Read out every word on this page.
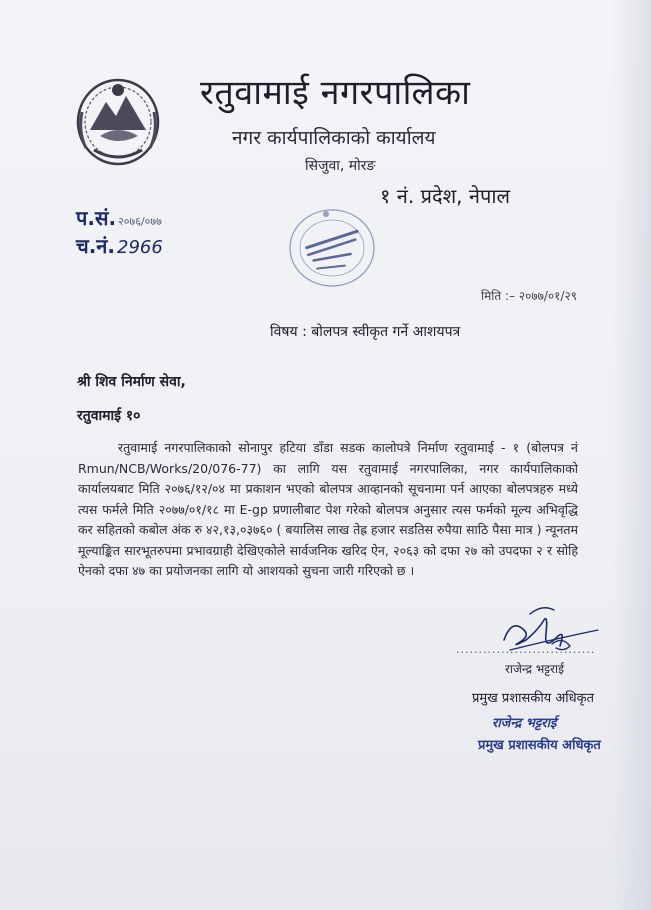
रतुवामाई नगरपालिका
नगर कार्यपालिकाको कार्यालय
सिजुवा, मोरङ
१ नं. प्रदेश, नेपाल
प.सं. २०७६/०७७
च.नं. 2966
मिति :– २०७७/०१/२९
विषय : बोलपत्र स्वीकृत गर्ने आशयपत्र
श्री शिव निर्माण सेवा,
रतुवामाई १०
रतुवामाई नगरपालिकाको सोनापुर हटिया डाँडा सडक कालोपत्रे निर्माण रतुवामाई - १ (बोलपत्र नं Rmun/NCB/Works/20/076-77) का लागि यस रतुवामाई नगरपालिका, नगर कार्यपालिकाको कार्यालयबाट मिति २०७६/१२/०४ मा प्रकाशन भएको बोलपत्र आव्हानको सूचनामा पर्न आएका बोलपत्रहरु मध्ये त्यस फर्मले मिति २०७७/०१/१८ मा E-gp प्रणालीबाट पेश गरेको बोलपत्र अनुसार त्यस फर्मको मूल्य अभिवृद्धि कर सहितको कबोल अंक रु ४२,१३,०३७६० ( बयालिस लाख तेह्र हजार सडतिस रुपैया साठि पैसा मात्र ) न्यूनतम मूल्याङ्कित सारभूतरुपमा प्रभावग्राही देखिएकोले सार्वजनिक खरिद ऐन, २०६३ को दफा २७ को उपदफा २ र सोहि ऐनको दफा ४७ का प्रयोजनका लागि यो आशयको सुचना जारी गरिएको छ ।
...............................
राजेन्द्र भट्टराई
प्रमुख प्रशासकीय अधिकृत
राजेन्द्र भट्टराई
प्रमुख प्रशासकीय अधिकृत
